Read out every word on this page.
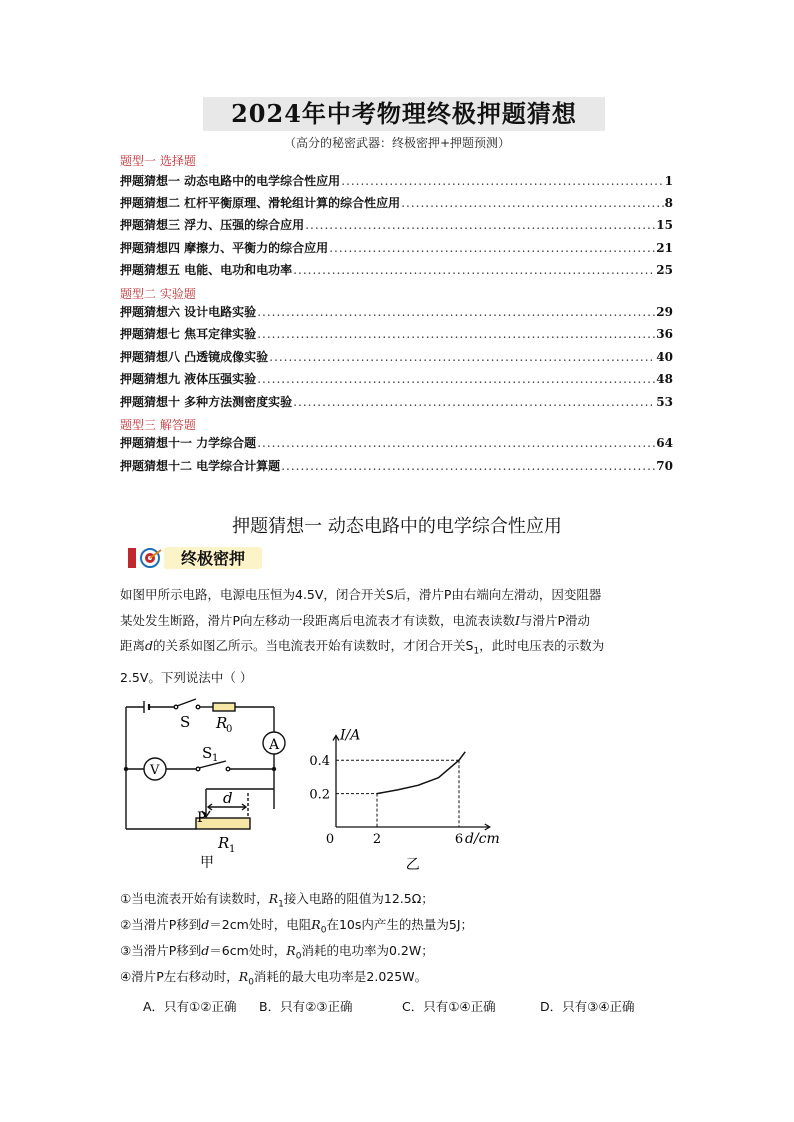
2024年中考物理终极押题猜想
（高分的秘密武器：终极密押+押题预测）
题型一 选择题
押题猜想一 动态电路中的电学综合性应用 .....	1
押题猜想二 杠杆平衡原理、滑轮组计算的综合性应用 .....	8
押题猜想三 浮力、压强的综合应用 .....	15
押题猜想四 摩擦力、平衡力的综合应用 .....	21
押题猜想五 电能、电功和电功率 .....	25
题型二 实验题
押题猜想六 设计电路实验 .....	29
押题猜想七 焦耳定律实验 .....	36
押题猜想八 凸透镜成像实验 .....	40
押题猜想九 液体压强实验 .....	48
押题猜想十 多种方法测密度实验 .....	53
题型三 解答题
押题猜想十一 力学综合题 .....	64
押题猜想十二 电学综合计算题 .....	70
押题猜想一 动态电路中的电学综合性应用
终极密押
如图甲所示电路，电源电压恒为4.5V，闭合开关S后，滑片P由右端向左滑动，因变阻器
某处发生断路，滑片P向左移动一段距离后电流表才有读数，电流表读数I与滑片P滑动
距离d的关系如图乙所示。当电流表开始有读数时，才闭合开关$S_1$，此时电压表的示数为
2.5V。下列说法中（ ）
S R
0
A
V
S 1
d
P
R 1
甲
I/A
d/cm
0	2	6
0.2
0.4
乙
①当电流表开始有读数时，$R_1$接入电路的阻值为12.5Ω；
②当滑片P移到d＝2cm处时，电阻$R_0$在10s内产生的热量为5J；
③当滑片P移到d＝6cm处时，$R_0$消耗的电功率为0.2W；
④滑片P左右移动时，$R_0$消耗的最大电功率是2.025W。
A．只有①②正确 B．只有②③正确	C．只有①④正确	D．只有③④正确
